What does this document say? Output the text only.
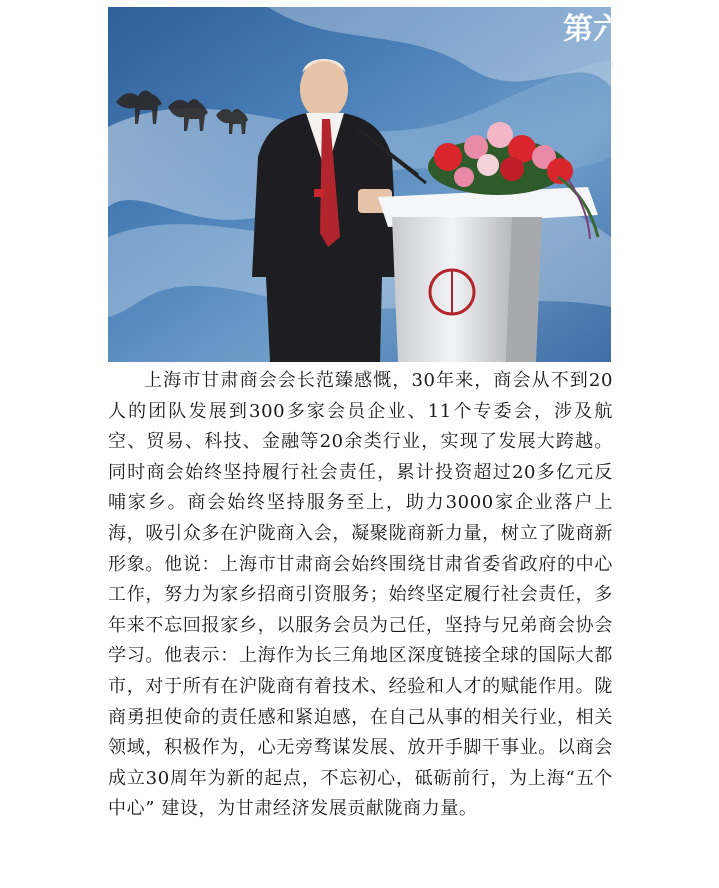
第六

上海市甘肃商会会长范臻感慨，30年来，商会从不到20人的团队发展到300多家会员企业、11个专委会，涉及航空、贸易、科技、金融等20余类行业，实现了发展大跨越。同时商会始终坚持履行社会责任，累计投资超过20多亿元反哺家乡。商会始终坚持服务至上，助力3000家企业落户上海，吸引众多在沪陇商入会，凝聚陇商新力量，树立了陇商新形象。他说：上海市甘肃商会始终围绕甘肃省委省政府的中心工作，努力为家乡招商引资服务；始终坚定履行社会责任，多年来不忘回报家乡，以服务会员为己任，坚持与兄弟商会协会学习。他表示：上海作为长三角地区深度链接全球的国际大都市，对于所有在沪陇商有着技术、经验和人才的赋能作用。陇商勇担使命的责任感和紧迫感，在自己从事的相关行业，相关领域，积极作为，心无旁骛谋发展、放开手脚干事业。以商会成立30周年为新的起点，不忘初心，砥砺前行，为上海“五个中心” 建设，为甘肃经济发展贡献陇商力量。
